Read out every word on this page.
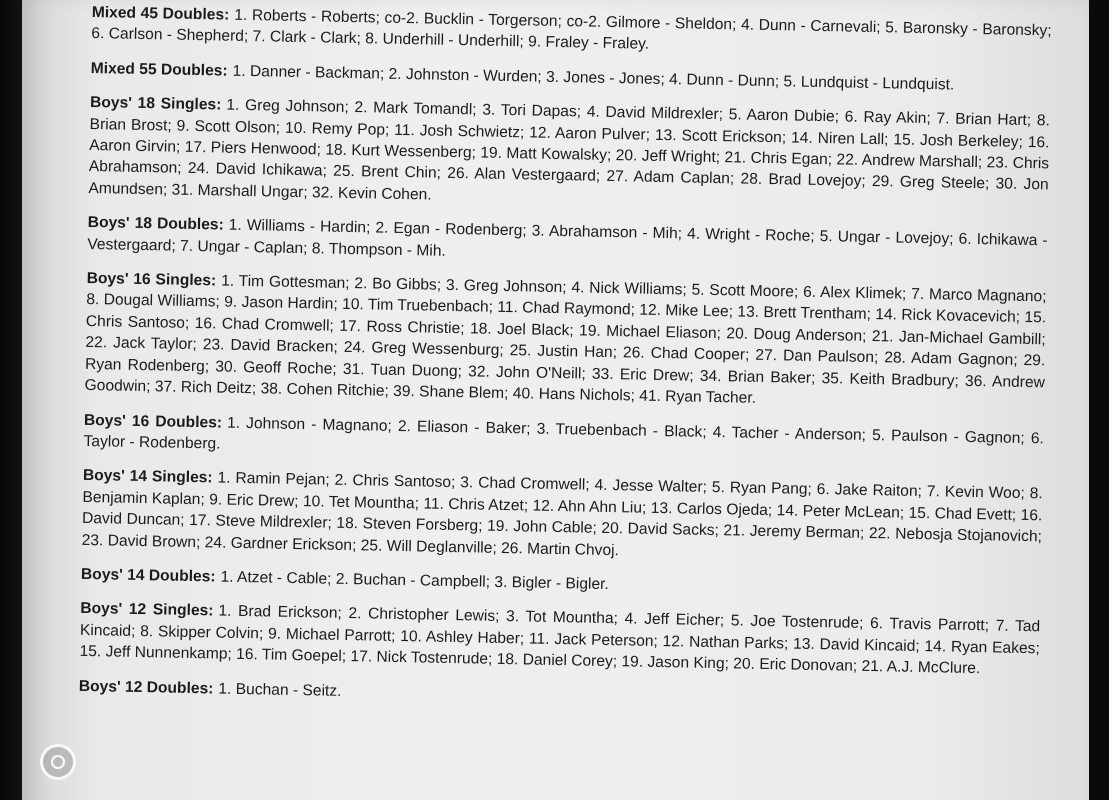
Mixed 45 Doubles: 1. Roberts - Roberts; co-2. Bucklin - Torgerson; co-2. Gilmore - Sheldon; 4. Dunn - Carnevali; 5. Baronsky - Baronsky; 6. Carlson - Shepherd; 7. Clark - Clark; 8. Underhill - Underhill; 9. Fraley - Fraley.

Mixed 55 Doubles: 1. Danner - Backman; 2. Johnston - Wurden; 3. Jones - Jones; 4. Dunn - Dunn; 5. Lundquist - Lundquist.

Boys' 18 Singles: 1. Greg Johnson; 2. Mark Tomandl; 3. Tori Dapas; 4. David Mildrexler; 5. Aaron Dubie; 6. Ray Akin; 7. Brian Hart; 8. Brian Brost; 9. Scott Olson; 10. Remy Pop; 11. Josh Schwietz; 12. Aaron Pulver; 13. Scott Erickson; 14. Niren Lall; 15. Josh Berkeley; 16. Aaron Girvin; 17. Piers Henwood; 18. Kurt Wessenberg; 19. Matt Kowalsky; 20. Jeff Wright; 21. Chris Egan; 22. Andrew Marshall; 23. Chris Abrahamson; 24. David Ichikawa; 25. Brent Chin; 26. Alan Vestergaard; 27. Adam Caplan; 28. Brad Lovejoy; 29. Greg Steele; 30. Jon Amundsen; 31. Marshall Ungar; 32. Kevin Cohen.

Boys' 18 Doubles: 1. Williams - Hardin; 2. Egan - Rodenberg; 3. Abrahamson - Mih; 4. Wright - Roche; 5. Ungar - Lovejoy; 6. Ichikawa - Vestergaard; 7. Ungar - Caplan; 8. Thompson - Mih.

Boys' 16 Singles: 1. Tim Gottesman; 2. Bo Gibbs; 3. Greg Johnson; 4. Nick Williams; 5. Scott Moore; 6. Alex Klimek; 7. Marco Magnano; 8. Dougal Williams; 9. Jason Hardin; 10. Tim Truebenbach; 11. Chad Raymond; 12. Mike Lee; 13. Brett Trentham; 14. Rick Kovacevich; 15. Chris Santoso; 16. Chad Cromwell; 17. Ross Christie; 18. Joel Black; 19. Michael Eliason; 20. Doug Anderson; 21. Jan-Michael Gambill; 22. Jack Taylor; 23. David Bracken; 24. Greg Wessenburg; 25. Justin Han; 26. Chad Cooper; 27. Dan Paulson; 28. Adam Gagnon; 29. Ryan Rodenberg; 30. Geoff Roche; 31. Tuan Duong; 32. John O'Neill; 33. Eric Drew; 34. Brian Baker; 35. Keith Bradbury; 36. Andrew Goodwin; 37. Rich Deitz; 38. Cohen Ritchie; 39. Shane Blem; 40. Hans Nichols; 41. Ryan Tacher.

Boys' 16 Doubles: 1. Johnson - Magnano; 2. Eliason - Baker; 3. Truebenbach - Black; 4. Tacher - Anderson; 5. Paulson - Gagnon; 6. Taylor - Rodenberg.

Boys' 14 Singles: 1. Ramin Pejan; 2. Chris Santoso; 3. Chad Cromwell; 4. Jesse Walter; 5. Ryan Pang; 6. Jake Raiton; 7. Kevin Woo; 8. Benjamin Kaplan; 9. Eric Drew; 10. Tet Mountha; 11. Chris Atzet; 12. Ahn Ahn Liu; 13. Carlos Ojeda; 14. Peter McLean; 15. Chad Evett; 16. David Duncan; 17. Steve Mildrexler; 18. Steven Forsberg; 19. John Cable; 20. David Sacks; 21. Jeremy Berman; 22. Nebosja Stojanovich; 23. David Brown; 24. Gardner Erickson; 25. Will Deglanville; 26. Martin Chvoj.

Boys' 14 Doubles: 1. Atzet - Cable; 2. Buchan - Campbell; 3. Bigler - Bigler.

Boys' 12 Singles: 1. Brad Erickson; 2. Christopher Lewis; 3. Tot Mountha; 4. Jeff Eicher; 5. Joe Tostenrude; 6. Travis Parrott; 7. Tad Kincaid; 8. Skipper Colvin; 9. Michael Parrott; 10. Ashley Haber; 11. Jack Peterson; 12. Nathan Parks; 13. David Kincaid; 14. Ryan Eakes; 15. Jeff Nunnenkamp; 16. Tim Goepel; 17. Nick Tostenrude; 18. Daniel Corey; 19. Jason King; 20. Eric Donovan; 21. A.J. McClure.

Boys' 12 Doubles: 1. Buchan - Seitz.
